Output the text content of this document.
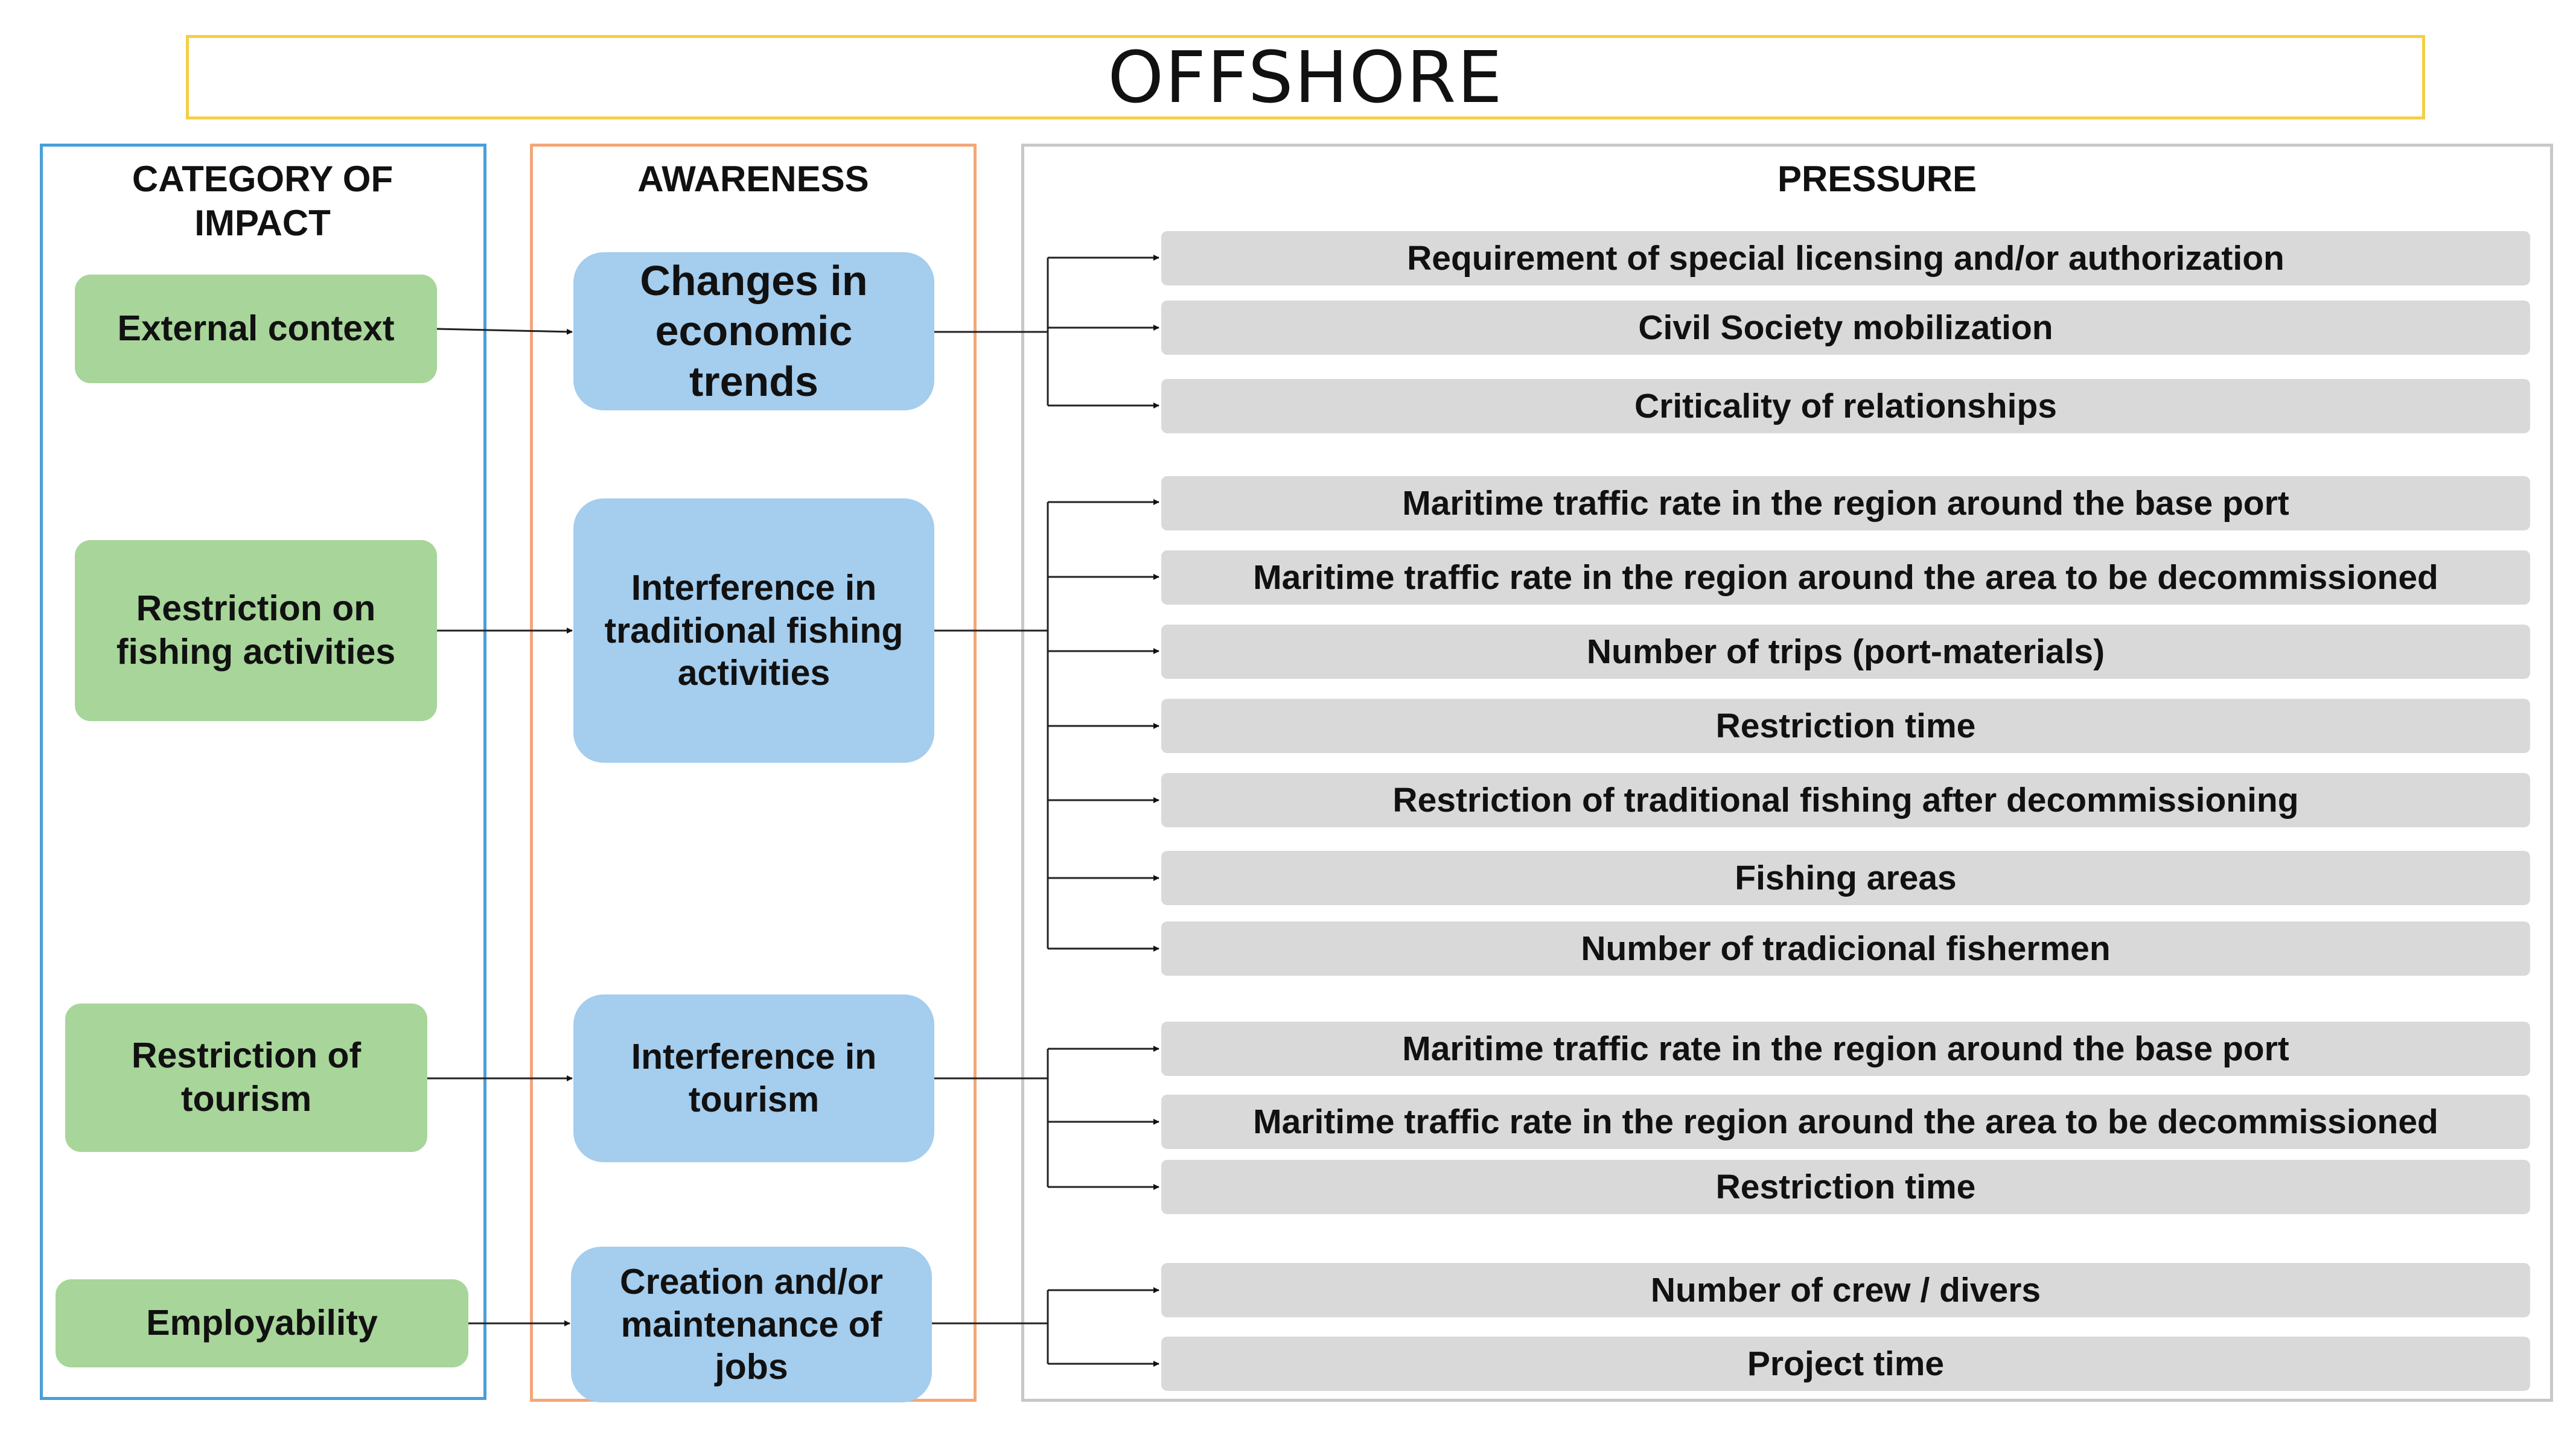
OFFSHORE
CATEGORY OF IMPACT
AWARENESS	PRESSURE
External context
Restriction on fishing activities
Restriction of tourism
Employability
Changes in economic trends
Interference in traditional fishing activities
Interference in tourism
Creation and/or maintenance of jobs
Requirement of special licensing and/or authorization
Civil Society mobilization
Criticality of relationships
Maritime traffic rate in the region around the base port
Maritime traffic rate in the region around the area to be decommissioned
Number of trips (port-materials)
Restriction time
Restriction of traditional fishing after decommissioning
Fishing areas
Number of tradicional fishermen
Maritime traffic rate in the region around the base port
Maritime traffic rate in the region around the area to be decommissioned
Restriction time
Number of crew / divers
Project time
